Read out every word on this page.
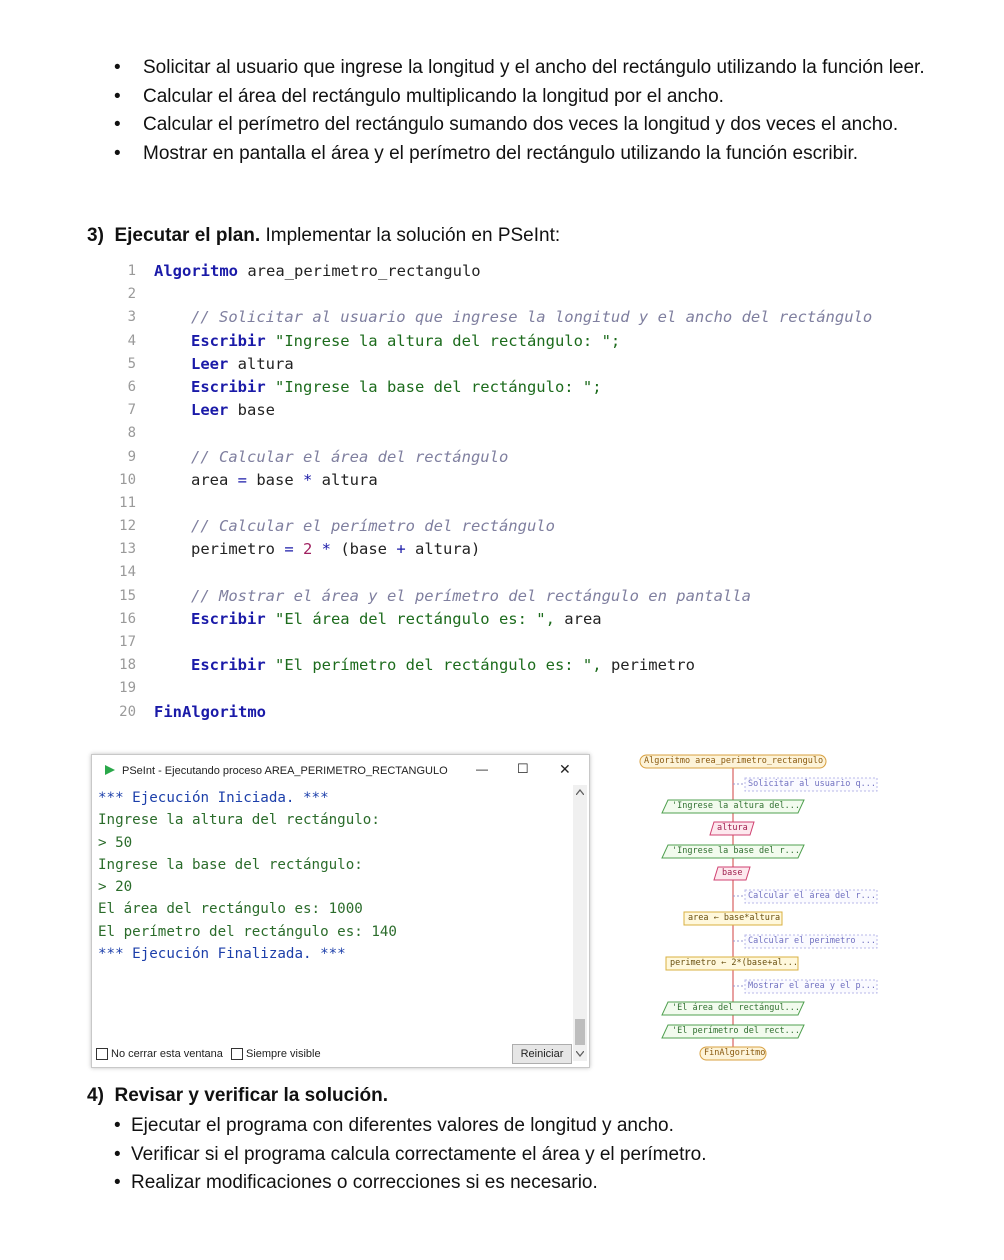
• Solicitar al usuario que ingrese la longitud y el ancho del rectángulo utilizando la función leer.
• Calcular el área del rectángulo multiplicando la longitud por el ancho.
• Calcular el perímetro del rectángulo sumando dos veces la longitud y dos veces el ancho.
• Mostrar en pantalla el área y el perímetro del rectángulo utilizando la función escribir.
3) Ejecutar el plan. Implementar la solución en PSeInt:
1 Algoritmo area_perimetro_rectangulo
2
3	// Solicitar al usuario que ingrese la longitud y el ancho del rectángulo
4	Escribir "Ingrese la altura del rectángulo: ";
5	Leer altura
6	Escribir "Ingrese la base del rectángulo: ";
7	Leer base
8
9	// Calcular el área del rectángulo
10	area = base * altura
11
12	// Calcular el perímetro del rectángulo
13	perimetro = 2 * (base + altura)
14
15	// Mostrar el área y el perímetro del rectángulo en pantalla
16	Escribir "El área del rectángulo es: ", area
17
18	Escribir "El perímetro del rectángulo es: ", perimetro
19
20 FinAlgoritmo
PSeInt - Ejecutando proceso AREA_PERIMETRO_RECTANGULO — ☐ ✕
*** Ejecución Iniciada. ***
Ingrese la altura del rectángulo:
> 50
Ingrese la base del rectángulo:
> 20
El área del rectángulo es: 1000
El perímetro del rectángulo es: 140
*** Ejecución Finalizada. ***
No cerrar esta ventana Siempre visible	Reiniciar
Algoritmo area_perimetro_rectangulo
Solicitar al usuario q...
'Ingrese la altura del...
altura
'Ingrese la base del r...
base
Calcular el área del r...
area ← base*altura
Calcular el perimetro ...
perimetro ← 2*(base+al...
Mostrar el área y el p...
'El área del rectángul...
'El perímetro del rect...
FinAlgoritmo
4) Revisar y verificar la solución.
• Ejecutar el programa con diferentes valores de longitud y ancho.
• Verificar si el programa calcula correctamente el área y el perímetro.
• Realizar modificaciones o correcciones si es necesario.
